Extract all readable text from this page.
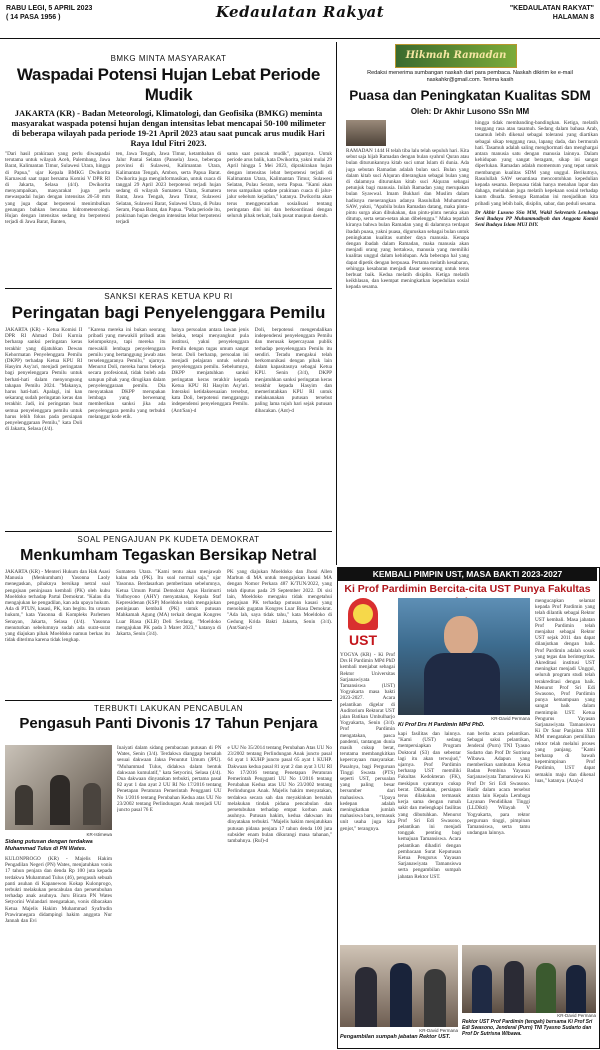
RABU LEGI, 5 APRIL 2023
( 14 PASA 1956 )	Kedaulatan Rakyat	"KEDAULATAN RAKYAT"
HALAMAN 8
BMKG MINTA MASYARAKAT
Waspadai Potensi Hujan Lebat Periode Mudik
JAKARTA (KR) - Badan Meteorologi, Klimatologi, dan Geofisika (BMKG) meminta masyarakat waspada potensi hujan dengan intensitas lebat mencapai 50-100 milimeter di beberapa wilayah pada periode 19-21 April 2023 atau saat puncak arus mudik Hari Raya Idul Fitri 2023.
"Dari hasil prakiraan yang perlu diwaspadai terutama untuk wilayah Aceh, Palembang, Jawa Barat, Kalimantan Timur, Sulawesi Utara, hingga di Papua," ujar Kepala BMKG Dwikorita Karnawati saat rapat bersama Komisi V DPR RI di Jakarta, Selasa (4/4). Dwikorita menyampaikan, masyarakat juga perlu mewaspadai hujan dengan intensitas 20-50 mm yang juga dapat berpotensi menimbulkan genangan bahkan bencana hidrometeorologi. Hujan dengan intensitas sedang itu berpotensi terjadi di Jawa Barat, Banten,
ten, Jawa Tengah, Jawa Timur, ketambahan di Jalur Pantai Selatan (Pansela) Jawa, beberapa provinsi di Sulawesi, Kalimantan Utara, Kalimantan Tengah, Ambon, serta Papua Barat. Dwikorita juga menginformasikan, untuk cuaca di tanggal 29 April 2023 berpotensi terjadi hujan sedang di wilayah Sumatera Utara, Sumatera Barat, Jawa Tengah, Jawa Timur, Sulawesi Selatan, Sulawesi Barat, Sulawesi Utara, di Pulau Seram, Papua Barat, dan Papua. "Pada periode itu, prakiraan hujan dengan intensitas lebat berpotensi terjadi
sama saat puncak mudik", paparnya. Untuk periode arus balik, kata Dwikorita, yakni mulai 29 April hingga 5 Mei 2023, diprakirakan hujan dengan intensitas lebat berpotensi terjadi di Kalimantan Utara, Kalimantan Timur, Sulawesi Selatan, Pulau Seram, serta Papua. "Kami akan terus sampaikan update prakiraan cuaca di jalur-jalur sebelum kejadian," katanya. Dwikorita akan terus menggencarkan sosialisasi tentang peringatan dini ini dan berkoordinasi dengan seluruh pihak terkait, baik pusat maupun daerah.
SANKSI KERAS KETUA KPU RI
Peringatan bagi Penyelenggara Pemilu
JAKARTA (KR) - Ketua Komisi II DPR RI Ahmad Doli Kurnia berharap sanksi peringatan keras terakhir yang dijatuhkan Dewan Kehormatan Penyelenggara Pemilu (DKPP) terhadap Ketua KPU RI Hasyim Asy'ari, menjadi peringatan bagi penyelenggara Pemilu untuk berhati-hati dalam menyongsong tahapan Pemilu 2024. "Makanya, harus hati-hati. Apalagi, ini kan sekarang sudah peringatan keras dan terakhir. Jadi, ini peringatan buat semua penyelenggara pemilu untuk harus lebih fokus pada persiapan penyelenggaraan Pemilu," kata Doli di Jakarta, Selasa (4/4).
"Karena mereka ini bukan seorang pribadi yang mewakili pribadi atau kelompoknya, tapi mereka itu mewakili lembaga penyelenggara pemilu yang bertanggung jawab atas terselenggaranya Pemilu," ujarnya. Menurut Doli, mereka harus bekerja secara profesional, tidak boleh ada satupun pihak yang dirugikan dalam penyelenggaraan pemilu. Dia menyatakan DKPP merupakan lembaga yang berwenang memberikan sanksi jika ada penyelenggara pemilu yang terbukti melanggar kode etik.
hanya persoalan antara lawan jenis belaka, tetapi menyangkut pula institusi, yakni penyelenggara Pemilu dengan tugas umum sangat berat. Doli berharap, persoalan ini menjadi pelajaran untuk seluruh penyelenggara pemilu. Sebelumnya, DKPP menjatuhkan sanksi peringatan keras terakhir kepada Ketua KPU RI Hasyim Asy'ari. Interaksi ketidaksesuaian tersebut, kata Doli, berpotensi mengganggu independensi penyelenggara Pemilu. (Ant/San)-d
Doli, berpotensi mengendalikan independensi penyelenggara Pemilu dan merusak kepercayaan publik terhadap penyelenggara Pemilu itu sendiri. Teradu mengakui telah berkomunikasi dengan pihak lain dalam kapasitasnya sebagai Ketua KPU. Senin (3/4), DKPP menjatuhkan sanksi peringatan keras terakhir kepada Hasyim dan memerintahkan KPU RI untuk melaksanakan putusan tersebut paling lama tujuh hari sejak putusan dibacakan. (Ant)-d
SOAL PENGAJUAN PK KUDETA DEMOKRAT
Menkumham Tegaskan Bersikap Netral
JAKARTA (KR) - Menteri Hukum dan Hak Asasi Manusia (Menkumham) Yasonna Laoly menegaskan, pihaknya bersikap netral soal pengajuan peninjauan kembali (PK) oleh kubu Moeldoko terhadap Partai Demokrat. "Kalau dia mengajukan ke pengadilan, kan ada upaya hukum. Ada di PTUN, kasasi, PK, kan begitu. Itu urusan hukum," kata Yasonna di Kompleks Parlemen Senayan, Jakarta, Selasa (4/4). Yasonna menuturkan sebelumnya sudah ada surat-surat yang diajukan pihak Moeldoko namun berkas itu tidak diterima karena tidak lengkap.
Sumatera Utara. "Kami tentu akan menjawab kalau ada (PK). Itu soal normal saja," ujar Yasonna. Berdasarkan pemberitaan sebelumnya, Ketua Umum Partai Demokrat Agus Harimurti Yudhoyono (AHY) menyatakan, Kepala Staf Kepresidenan (KSP) Moeldoko telah mengajukan peninjauan kembali (PK) untuk putusan Mahkamah Agung (MA) terkait dengan Kongres Luar Biasa (KLB) Deli Serdang. "Moeldoko mengajukan PK pada 3 Maret 2023," katanya di Jakarta, Senin (3/4).
PK yang diajukan Moeldoko dan Jhoni Allen Marbun di MA untuk mengajukan kasasi MA dengan Nomor Perkara 487 K/TUN/2022, yang telah diputus pada 29 September 2022. Di sisi lain, Moeldoko mengaku tidak mengetahui pengajuan PK terhadap putusan kasasi yang menolak gugatan Kongres Luar Biasa Demokrat. "Ada lah, saya tidak tahu," kata Moeldoko di Gedung Krida Bakti Jakarta, Senin (3/4). (Ant/San)-d
TERBUKTI LAKUKAN PENCABULAN
Pengasuh Panti Divonis 17 Tahun Penjara
KR-Istimewa
Sidang putusan dengan terdakwa Muhammad Tulus di PN Wates.
KULONPROGO (KR) - Majelis Hakim Pengadilan Negeri (PN) Wates, menjatuhkan vonis 17 tahun penjara dan denda Rp 100 juta kepada terdakwa Muhammad Tulus (46), pengasuh sebuah panti asuhan di Kapanewon Kokap Kulonprogo, terbukti melakukan pencabulan dan persetubuhan terhadap anak asuhnya. Juru Bicara PN Wates Setyorini Wulandari mengatakan, vonis dibacakan Ketua Majelis Hakim Muhammad Syafrudin Prawiranegara didampingi hakim anggota Nur Jannah dan Evi
Inaiyati dalam sidang pembacaan putusan di PN Wates, Senin (3/4). Terdakwa dianggap bersalah sesuai dakwaan Jaksa Penuntut Umum (JPU). "Muhammad Tulus, didakwa dalam bentuk dakwaan kumulatif," kata Setyorini, Selasa (4/4). Dua dakwaan dinyatakan terbukti, pertama pasal 82 ayat 1 dan ayat 2 UU RI No 17/2016 tentang Penetapan Peraturan Pemerintah Pengganti UU No 1/2016 tentang Perubahan Kedua atas UU No 23/2002 tentang Perlindungan Anak menjadi UU juncto pasal 76 E
e UU No 35/2014 tentang Perubahan Atas UU No 23/2002 tentang Perlindungan Anak juncto pasal 64 ayat 1 KUHP juncto pasal 65 ayat 1 KUHP. Dakwaan kedua pasal 81 ayat 2 dan ayat 3 UU RI No 17/2016 tentang Penetapan Peraturan Pemerintah Pengganti UU No 1/2016 tentang Perubahan Kedua atas UU No 23/2002 tentang Perlindungan Anak. Majelis hakim menyatakan, terdakwa secara sah dan meyakinkan bersalah melakukan tindak pidana pencabulan dan persetubuhan terhadap empat korban anak asuhnya. Putusan hakim, kedua dakwaan itu dinyatakan terbukti. "Majelis hakim menjatuhkan putusan pidana penjara 17 tahun denda 100 juta subsider enam bulan dikurangi masa tahanan," tambahnya. (Rul)-d
Hikmah Ramadan
Redaksi menerima sumbangan naskah dari para pembaca. Naskah dikirim ke e-mail naskahkr@gmail.com. Terima kasih
Puasa dan Peningkatan Kualitas SDM
Oleh: Dr Akhir Lusono SSn MM
RAMADAN 1444 H telah tiba lalu telah sepuluh hari. Kita sebut saja hijab Ramadan dengan bulan syahrul Quran atau bulan diturunkannya kitab suci umat Islam di dunia. Ada juga sebutan Ramadan adalah bulan suci. Bulan yang dalam kitab suci Alquran diterangkan sebagai bulan yang di dalamnya diturunkan kitab suci Alquran sebagai petunjuk bagi manusia. Inilah Ramadan yang merupakan bulan Syawwal. Imam Bukhari dan Muslim dalam hadisnya menerangkan adanya Rasulullah Muhammad SAW, yakni, "Apabila bulan Ramadan datang, maka pintu-pintu surga akan dibukakan, dan pintu-pintu neraka akan ditutup, serta setan-setan akan dibelenggu." Maka tepatlah kiranya bahwa bulan Ramadan yang di dalamnya terdapat ibadah puasa, yakni puasa, diguruskan sebagai bulan untuk peningkatan kualitas sumber daya manusia. Kenapa dengan ibadah dalam Ramadan, maka manusia akan menjadi orang yang bertakwa, manusia yang memiliki kualitas unggul dalam kehidupan. Ada beberapa hal yang dapat dipetik dengan berpuasa. Pertama melatih kesabaran, sehingga kesabaran menjadi dasar seseorang untuk terus berbuat baik. Kedua melatih disiplin. Ketiga melatih keikhlasan, dan keempat meningkatkan kepedulian sosial kepada sesama.
hingga tidak membanding-bandingkan. Ketiga, melatih tenggang rasa atau tasamuh. Sedang dalam bahasa Arab, tasamuh lebih dikenal sebagai toleransi yang diartikan sebagai sikap tenggang rasa, lapang dada, dan bermurah hati. Tasamuh adalah saling menghormati dan menghargai antara manusia satu dengan manusia lainnya. Dalam kehidupan yang sangat beragam, sikap ini sangat diperlukan. Ramadan adalah momentum yang tepat untuk membangun kualitas SDM yang unggul. Berikutnya, Rasulullah SAW senantiasa mencontohkan kepedulian kepada sesama. Berpuasa tidak hanya menahan lapar dan dahaga, melainkan juga melatih kepekaan sosial terhadap kaum dhuafa. Semoga Ramadan ini menjadikan kita pribadi yang lebih baik, disiplin, sabar, dan peduli sesama.
Dr Akhir Lusono SSn MM, Wakil Sekretaris Lembaga Seni Budaya PP Muhammadiyah dan Anggota Komisi Seni Budaya Islam MUI DIY.
KEMBALI PIMPIN UST, MASA BAKTI 2023-2027
Ki Prof Pardimin Bercita-cita UST Punya Fakultas
UST
KR-David Permana
Ki Prof Drs H Pardimin MPd PhD.
YOGYA (KR) - Ki Prof Drs H Pardimin MPd PhD kembali menjabat sebagai Rektor Universitas Sarjanawiyata Tamansiswa (UST) Yogyakarta masa bakti 2023-2027. Acara pelantikan digelar di Auditorium Rektorat UST jalan Batikan Umbulharjo Yogyakarta, Senin (3/4). Prof Pardimin mengatakan, pasca pandemi, tantangan dunia masih cukup berat, terutama membangkitkan kepercayaan masyarakat. Pasalnya, bagi Perguruan Tinggi Swasta (PTS) seperti UST, persoalan yang paling besar bersumber dari mahasiswa. "Upaya kedepan adalah meningkatkan jumlah mahasiswa baru, termasuk unit usaha juga kita genjot," terangnya.
kapi fasilitas dan lainnya. "Kami (UST) sedang mempersiapkan Program Doktoral (S3) dan sebentar lagi itu akan terwujud," ujarnya. Prof Pardimin berharap UST memiliki Fakultas Kedokteran (FK), meskipun syaratnya cukup berat. Dikatakan, persiapan terus dilakukan termasuk kerja sama dengan rumah sakit dan melengkapi fasilitas yang dibutuhkan. Menurut Prof Sri Edi Swasono, pelantikan ini menjadi tonggak penting bagi kemajuan Tamansiswa. Acara pelantikan dihadiri dengan pembacaan Surat Keputusan Ketua Pengurus Yayasan Sarjanawiyata Tamansiswa serta pengambilan sumpah jabatan Rektor UST.
nan berita acara pelantikan. Sebagai saksi pelantikan, Jenderal (Purn) TNI Tyasno Sudarto dan Prof Dr Sutrisna Wibawa. Adapun yang memberikan sambutan Ketua Badan Pembina Yayasan Sarjanawiyata Tamansiswa Ki Prof Dr Sri Edi Swasono. Hadir dalam acara tersebut antara lain Kepala Lembaga Layanan Pendidikan Tinggi (LLDikti) Wilayah V Yogyakarta, para rektor perguruan tinggi, pimpinan Tamansiswa, serta tamu undangan lainnya.
mengucapkan selamat kepada Prof Pardimin yang telah dilantik sebagai Rektor UST kembali. Masa jabatan Prof Pardimin telah menjabat sebagai Rektor UST sejak 2011 dan dapat dilanjutkan dengan baik. Prof Pardimin adalah sosok yang tegas dan berintegritas. Akreditasi institusi UST meningkat menjadi Unggul, seluruh program studi telah terakreditasi dengan baik. Menurut Prof Sri Edi Swasono, Prof Pardimin punya kemampuan yang sangat baik dalam memimpin UST. Ketua Pengurus Yayasan Sarjanawiyata Tamansiswa Ki Dr Saur Panjaitan XIII MM mengatakan pemilihan rektor telah melalui proses yang panjang. "Kami berharap di bawah kepemimpinan Prof Pardimin, UST dapat semakin maju dan dikenal luas," katanya. (Aza)-d
KR-David Permana
Pengambilan sumpah jabatan Rektor UST.
KR-David Permana
Rektor UST Prof Pardimin (tengah) bersama Ki Prof Sri Edi Swasono, Jenderal (Purn) TNI Tyasno Sudarto dan Prof Dr Sutrisna Wibawa.
